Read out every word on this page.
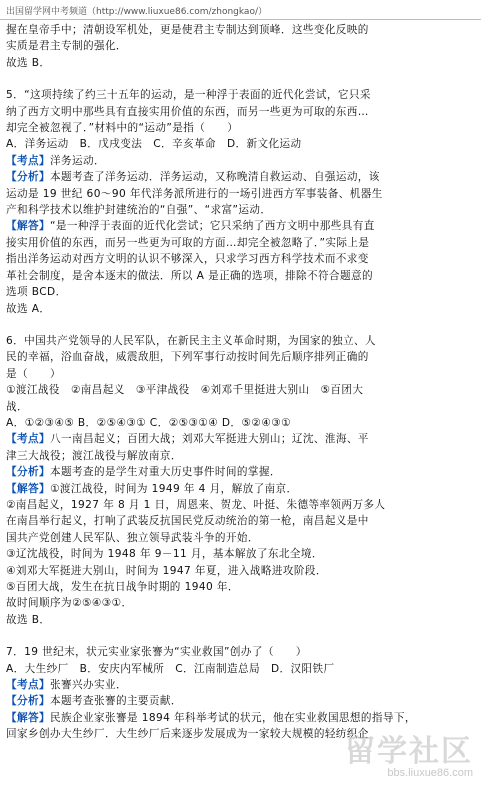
出国留学网中考频道（http://www.liuxue86.com/zhongkao/）

握在皇帝手中；清朝设军机处，更是使君主专制达到顶峰．这些变化反映的

实质是君主专制的强化．

故选 B．

5．“这项持续了约三十五年的运动，是一种浮于表面的近代化尝试，它只采

纳了西方文明中那些具有直接实用价值的东西，而另一些更为可取的东西…

却完全被忽视了．”材料中的“运动”是指（　　）

A．洋务运动　B．戊戌变法　C．辛亥革命　D．新文化运动

【考点】洋务运动．

【分析】本题考查了洋务运动．洋务运动，又称晚清自救运动、自强运动，该

运动是 19 世纪 60～90 年代洋务派所进行的一场引进西方军事装备、机器生

产和科学技术以维护封建统治的“自强”、“求富”运动．

【解答】“是一种浮于表面的近代化尝试；它只采纳了西方文明中那些具有直

接实用价值的东西，而另一些更为可取的方面…却完全被忽略了．”实际上是

指出洋务运动对西方文明的认识不够深入，只求学习西方科学技术而不求变

革社会制度，是舍本逐末的做法．所以 A 是正确的选项，排除不符合题意的

选项 BCD．

故选 A．

6．中国共产党领导的人民军队，在新民主主义革命时期，为国家的独立、人

民的幸福，浴血奋战，威震敌胆，下列军事行动按时间先后顺序排列正确的

是（　　）

①渡江战役　②南昌起义　③平津战役　④刘邓千里挺进大别山　⑤百团大

战．

A．①②③④⑤ B．②⑤④③① C．②⑤③①④ D．⑤②④③①

【考点】八一南昌起义；百团大战；刘邓大军挺进大别山；辽沈、淮海、平

津三大战役；渡江战役与解放南京．

【分析】本题考查的是学生对重大历史事件时间的掌握．

【解答】①渡江战役，时间为 1949 年 4 月，解放了南京．

②南昌起义，1927 年 8 月 1 日，周恩来、贺龙、叶挺、朱德等率领两万多人

在南昌举行起义，打响了武装反抗国民党反动统治的第一枪，南昌起义是中

国共产党创建人民军队、独立领导武装斗争的开始．

③辽沈战役，时间为 1948 年 9－11 月，基本解放了东北全境．

④刘邓大军挺进大别山，时间为 1947 年夏，进入战略进攻阶段．

⑤百团大战，发生在抗日战争时期的 1940 年．

故时间顺序为②⑤④③①．

故选 B．

7．19 世纪末，状元实业家张謇为“实业救国”创办了（　　）

A．大生纱厂　B．安庆内军械所　C．江南制造总局　D．汉阳铁厂

【考点】张謇兴办实业．

【分析】本题考查张謇的主要贡献．

【解答】民族企业家张謇是 1894 年科举考试的状元，他在实业救国思想的指导下，

回家乡创办大生纱厂．大生纱厂后来逐步发展成为一家较大规模的轻纺织企

留学社区
bbs.liuxue86.com
